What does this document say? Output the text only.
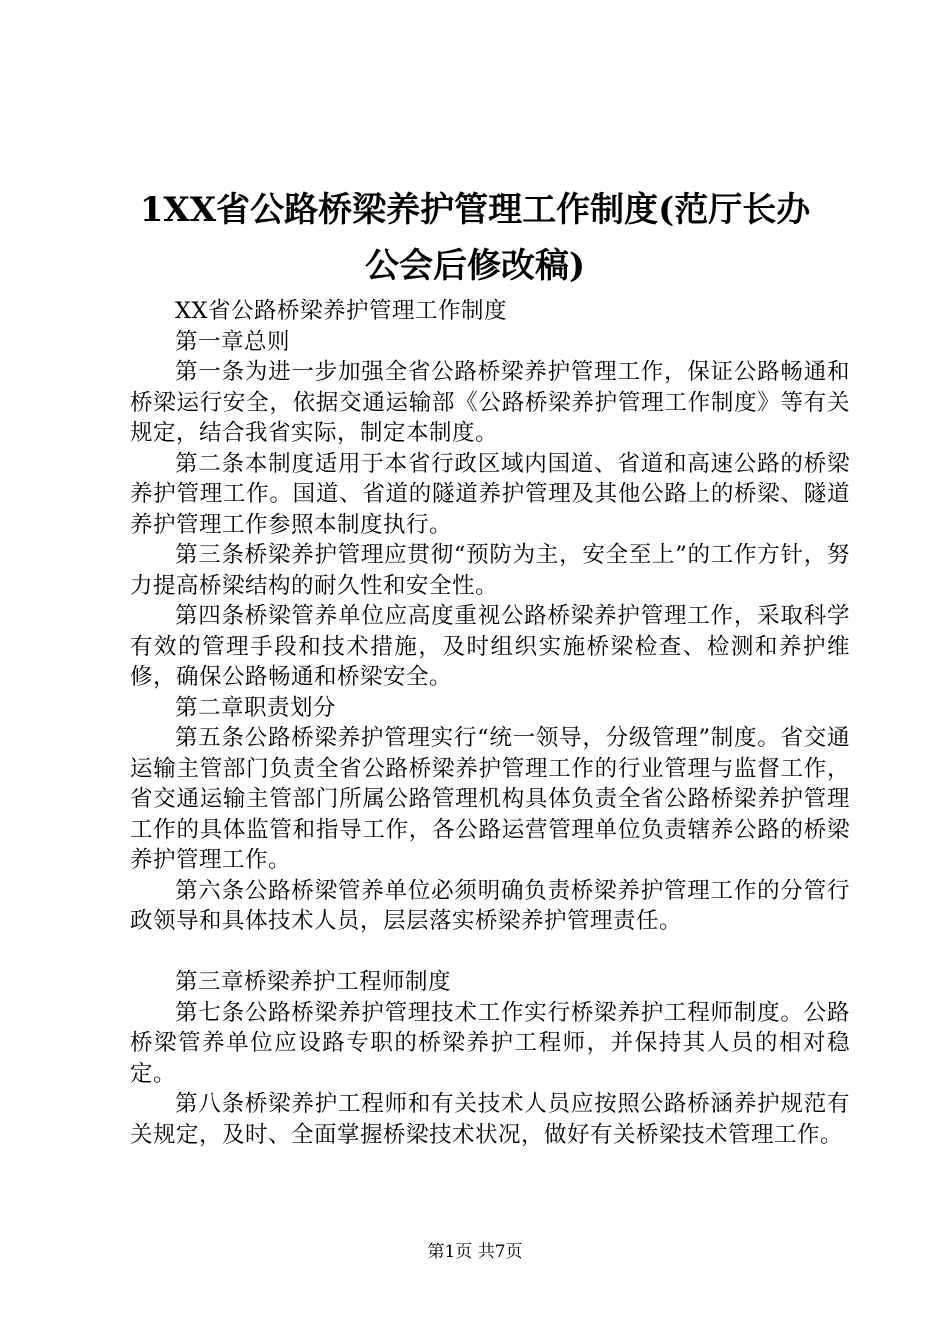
1XX省公路桥梁养护管理工作制度(范厅长办
公会后修改稿)

XX省公路桥梁养护管理工作制度

第一章总则

第一条为进一步加强全省公路桥梁养护管理工作，保证公路畅通和桥梁运行安全，依据交通运输部《公路桥梁养护管理工作制度》等有关规定，结合我省实际，制定本制度。

第二条本制度适用于本省行政区域内国道、省道和高速公路的桥梁养护管理工作。国道、省道的隧道养护管理及其他公路上的桥梁、隧道养护管理工作参照本制度执行。

第三条桥梁养护管理应贯彻“预防为主，安全至上”的工作方针，努力提高桥梁结构的耐久性和安全性。

第四条桥梁管养单位应高度重视公路桥梁养护管理工作，采取科学有效的管理手段和技术措施，及时组织实施桥梁检查、检测和养护维修，确保公路畅通和桥梁安全。

第二章职责划分

第五条公路桥梁养护管理实行“统一领导，分级管理”制度。省交通运输主管部门负责全省公路桥梁养护管理工作的行业管理与监督工作，省交通运输主管部门所属公路管理机构具体负责全省公路桥梁养护管理工作的具体监管和指导工作，各公路运营管理单位负责辖养公路的桥梁养护管理工作。

第六条公路桥梁管养单位必须明确负责桥梁养护管理工作的分管行政领导和具体技术人员，层层落实桥梁养护管理责任。

第三章桥梁养护工程师制度

第七条公路桥梁养护管理技术工作实行桥梁养护工程师制度。公路桥梁管养单位应设路专职的桥梁养护工程师，并保持其人员的相对稳定。

第八条桥梁养护工程师和有关技术人员应按照公路桥涵养护规范有关规定，及时、全面掌握桥梁技术状况，做好有关桥梁技术管理工作。

第1页 共7页
